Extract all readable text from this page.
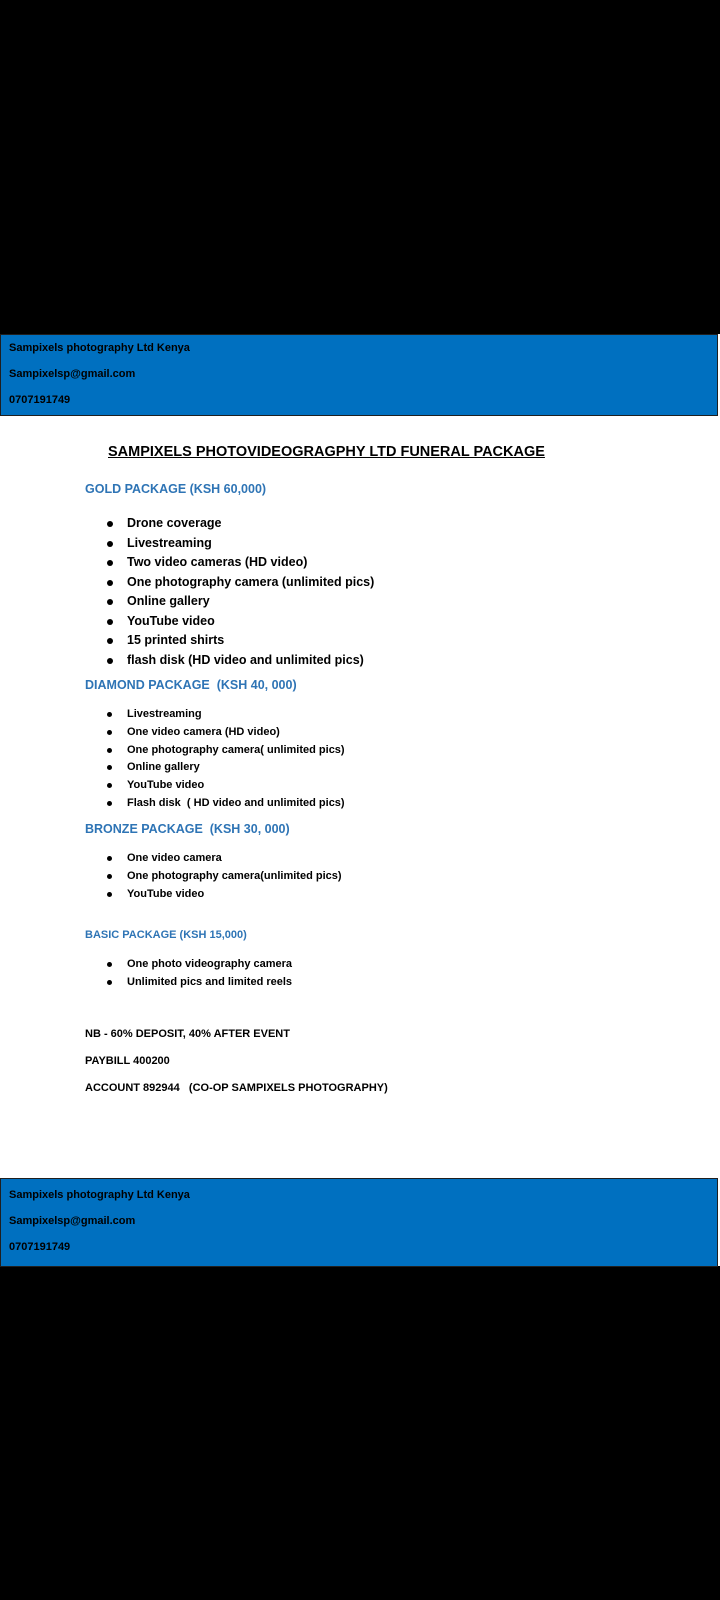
Sampixels photography Ltd Kenya
Sampixelsp@gmail.com
0707191749
SAMPIXELS PHOTOVIDEOGRAGPHY LTD FUNERAL PACKAGE
GOLD PACKAGE (KSH 60,000)
Drone coverage
Livestreaming
Two video cameras (HD video)
One photography camera (unlimited pics)
Online gallery
YouTube video
15 printed shirts
flash disk (HD video and unlimited pics)
DIAMOND PACKAGE  (KSH 40, 000)
Livestreaming
One video camera (HD video)
One photography camera( unlimited pics)
Online gallery
YouTube video
Flash disk  ( HD video and unlimited pics)
BRONZE PACKAGE  (KSH 30, 000)
One video camera
One photography camera(unlimited pics)
YouTube video
BASIC PACKAGE (KSH 15,000)
One photo videography camera
Unlimited pics and limited reels
NB - 60% DEPOSIT, 40% AFTER EVENT
PAYBILL 400200
ACCOUNT 892944   (CO-OP SAMPIXELS PHOTOGRAPHY)
Sampixels photography Ltd Kenya
Sampixelsp@gmail.com
0707191749
